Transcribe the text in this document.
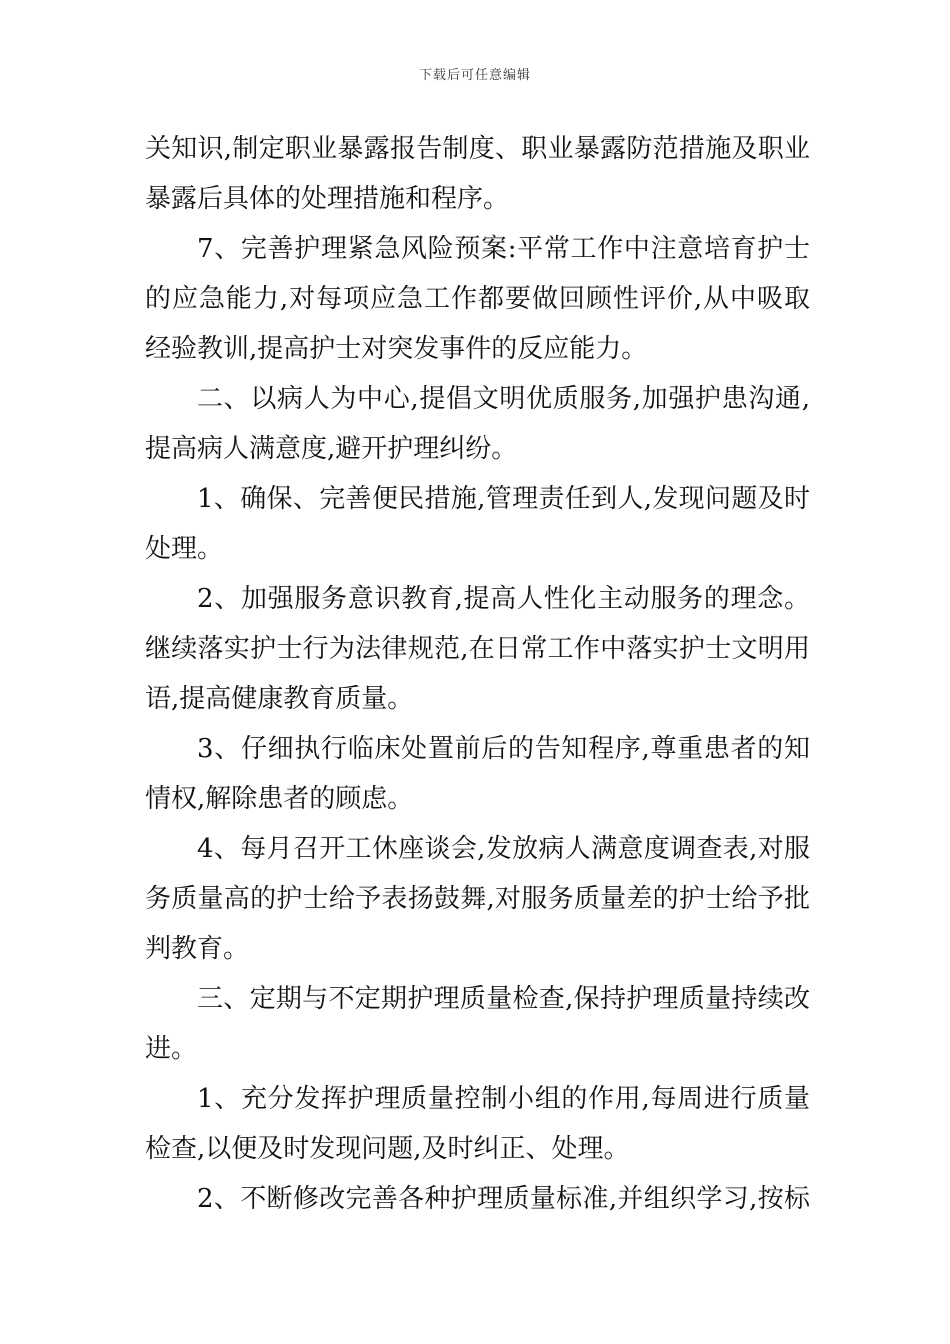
下载后可任意编辑
关知识,制定职业暴露报告制度、职业暴露防范措施及职业
暴露后具体的处理措施和程序。
7、完善护理紧急风险预案:平常工作中注意培育护士
的应急能力,对每项应急工作都要做回顾性评价,从中吸取
经验教训,提高护士对突发事件的反应能力。
二、以病人为中心,提倡文明优质服务,加强护患沟通,
提高病人满意度,避开护理纠纷。
1、确保、完善便民措施,管理责任到人,发现问题及时
处理。
2、加强服务意识教育,提高人性化主动服务的理念。
继续落实护士行为法律规范,在日常工作中落实护士文明用
语,提高健康教育质量。
3、仔细执行临床处置前后的告知程序,尊重患者的知
情权,解除患者的顾虑。
4、每月召开工休座谈会,发放病人满意度调查表,对服
务质量高的护士给予表扬鼓舞,对服务质量差的护士给予批
判教育。
三、定期与不定期护理质量检查,保持护理质量持续改
进。
1、充分发挥护理质量控制小组的作用,每周进行质量
检查,以便及时发现问题,及时纠正、处理。
2、不断修改完善各种护理质量标准,并组织学习,按标
